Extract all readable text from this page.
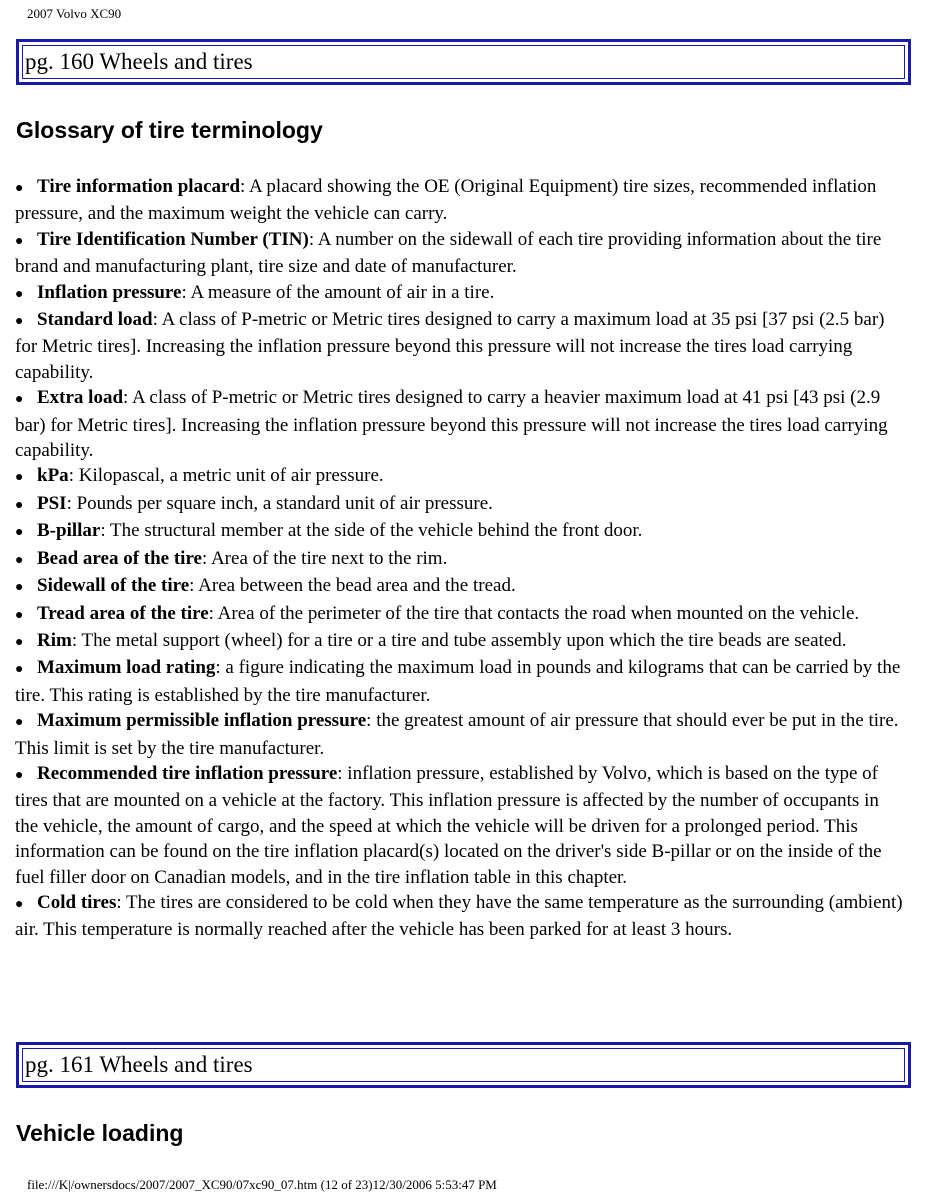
2007 Volvo XC90
pg. 160 Wheels and tires
Glossary of tire terminology

● Tire information placard: A placard showing the OE (Original Equipment) tire sizes, recommended inflation pressure, and the maximum weight the vehicle can carry.

● Tire Identification Number (TIN): A number on the sidewall of each tire providing information about the tire brand and manufacturing plant, tire size and date of manufacturer.

● Inflation pressure: A measure of the amount of air in a tire.

● Standard load: A class of P-metric or Metric tires designed to carry a maximum load at 35 psi [37 psi (2.5 bar) for Metric tires]. Increasing the inflation pressure beyond this pressure will not increase the tires load carrying capability.

● Extra load: A class of P-metric or Metric tires designed to carry a heavier maximum load at 41 psi [43 psi (2.9 bar) for Metric tires]. Increasing the inflation pressure beyond this pressure will not increase the tires load carrying capability.

● kPa: Kilopascal, a metric unit of air pressure.

● PSI: Pounds per square inch, a standard unit of air pressure.

● B-pillar: The structural member at the side of the vehicle behind the front door.

● Bead area of the tire: Area of the tire next to the rim.

● Sidewall of the tire: Area between the bead area and the tread.

● Tread area of the tire: Area of the perimeter of the tire that contacts the road when mounted on the vehicle.

● Rim: The metal support (wheel) for a tire or a tire and tube assembly upon which the tire beads are seated.

● Maximum load rating: a figure indicating the maximum load in pounds and kilograms that can be carried by the tire. This rating is established by the tire manufacturer.

● Maximum permissible inflation pressure: the greatest amount of air pressure that should ever be put in the tire. This limit is set by the tire manufacturer.

● Recommended tire inflation pressure: inflation pressure, established by Volvo, which is based on the type of tires that are mounted on a vehicle at the factory. This inflation pressure is affected by the number of occupants in the vehicle, the amount of cargo, and the speed at which the vehicle will be driven for a prolonged period. This information can be found on the tire inflation placard(s) located on the driver's side B-pillar or on the inside of the fuel filler door on Canadian models, and in the tire inflation table in this chapter.

● Cold tires: The tires are considered to be cold when they have the same temperature as the surrounding (ambient) air. This temperature is normally reached after the vehicle has been parked for at least 3 hours.

pg. 161 Wheels and tires
Vehicle loading
file:///K|/ownersdocs/2007/2007_XC90/07xc90_07.htm (12 of 23)12/30/2006 5:53:47 PM
